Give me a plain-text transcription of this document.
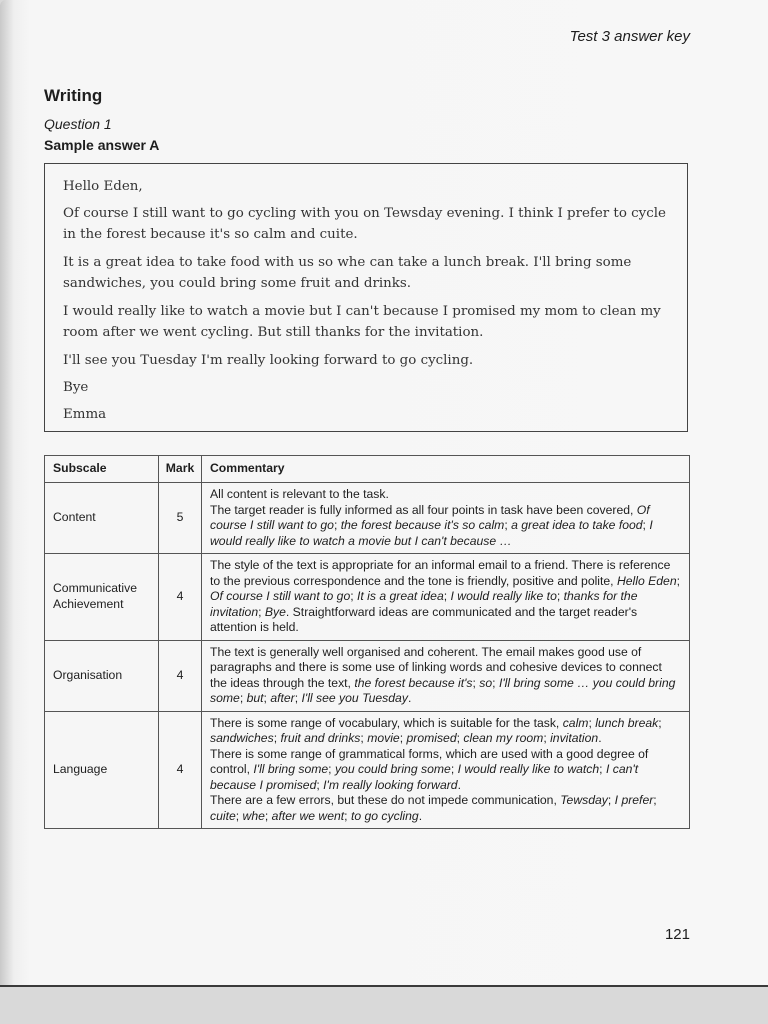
Test 3 answer key
Writing
Question 1
Sample answer A

Hello Eden,

Of course I still want to go cycling with you on Tewsday evening. I think I prefer to cycle in the forest because it's so calm and cuite.

It is a great idea to take food with us so whe can take a lunch break. I'll bring some sandwiches, you could bring some fruit and drinks.

I would really like to watch a movie but I can't because I promised my mom to clean my room after we went cycling. But still thanks for the invitation.

I'll see you Tuesday I'm really looking forward to go cycling.

Bye

Emma

Subscale	Mark	Commentary
Content	5	All content is relevant to the task.
The target reader is fully informed as all four points in task have been covered, Of course I still want to go; the forest because it's so calm; a great idea to take food; I would really like to watch a movie but I can't because …
Communicative Achievement	4	The style of the text is appropriate for an informal email to a friend. There is reference to the previous correspondence and the tone is friendly, positive and polite, Hello Eden; Of course I still want to go; It is a great idea; I would really like to; thanks for the invitation; Bye. Straightforward ideas are communicated and the target reader's attention is held.
Organisation	4	The text is generally well organised and coherent. The email makes good use of paragraphs and there is some use of linking words and cohesive devices to connect the ideas through the text, the forest because it's; so; I'll bring some … you could bring some; but; after; I'll see you Tuesday.
Language	4	There is some range of vocabulary, which is suitable for the task, calm; lunch break; sandwiches; fruit and drinks; movie; promised; clean my room; invitation.
There is some range of grammatical forms, which are used with a good degree of control, I'll bring some; you could bring some; I would really like to watch; I can't because I promised; I'm really looking forward.
There are a few errors, but these do not impede communication, Tewsday; I prefer; cuite; whe; after we went; to go cycling.
121
